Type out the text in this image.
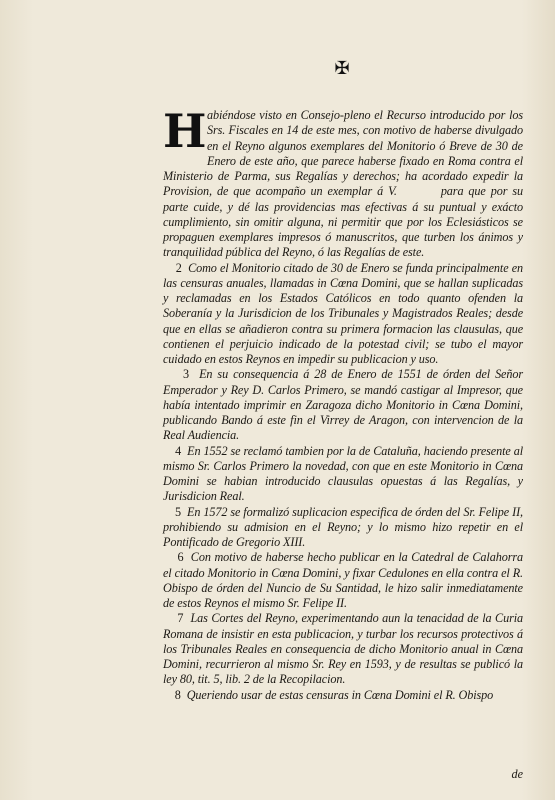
✠

H abiéndose visto en Consejo-pleno el Recurso introducido por los Srs. Fiscales en 14 de este mes, con motivo de haberse divulgado en el Reyno algunos exemplares del Monitorio ó Breve de 30 de Enero de este año, que parece haberse fixado en Roma contra el Ministerio de Parma, sus Regalías y derechos; ha acordado expedir la Provision, de que acompaño un exemplar á V.	para que por su parte cuide, y dé las providencias mas efectivas á su puntual y exácto cumplimiento, sin omitir alguna, ni permitir que por los Eclesiásticos se propaguen exemplares impresos ó manuscritos, que turben los ánimos y tranquilidad pública del Reyno, ó las Regalías de este.

2 Como el Monitorio citado de 30 de Enero se funda principalmente en las censuras anuales, llamadas in Cœna Domini, que se hallan suplicadas y reclamadas en los Estados Católicos en todo quanto ofenden la Soberanía y la Jurisdicion de los Tribunales y Magistrados Reales; desde que en ellas se añadieron contra su primera formacion las clausulas, que contienen el perjuicio indicado de la potestad civil; se tubo el mayor cuidado en estos Reynos en impedir su publicacion y uso.

3 En su consequencia á 28 de Enero de 1551 de órden del Señor Emperador y Rey D. Carlos Primero, se mandó castigar al Impresor, que había intentado imprimir en Zaragoza dicho Monitorio in Cœna Domini, publicando Bando á este fin el Virrey de Aragon, con intervencion de la Real Audiencia.

4 En 1552 se reclamó tambien por la de Cataluña, haciendo presente al mismo Sr. Carlos Primero la novedad, con que en este Monitorio in Cœna Domini se habian introducido clausulas opuestas á las Regalías, y Jurisdicion Real.

5 En 1572 se formalizó suplicacion especifica de órden del Sr. Felipe II, prohibiendo su admision en el Reyno; y lo mismo hizo repetir en el Pontificado de Gregorio XIII.

6 Con motivo de haberse hecho publicar en la Catedral de Calahorra el citado Monitorio in Cœna Domini, y fixar Cedulones en ella contra el R. Obispo de órden del Nuncio de Su Santidad, le hizo salir inmediatamente de estos Reynos el mismo Sr. Felipe II.

7 Las Cortes del Reyno, experimentando aun la tenacidad de la Curia Romana de insistir en esta publicacion, y turbar los recursos protectivos á los Tribunales Reales en consequencia de dicho Monitorio anual in Cœna Domini, recurrieron al mismo Sr. Rey en 1593, y de resultas se publicó la ley 80, tit. 5, lib. 2 de la Recopilacion.

8 Queriendo usar de estas censuras in Cœna Domini el R. Obispo

de
